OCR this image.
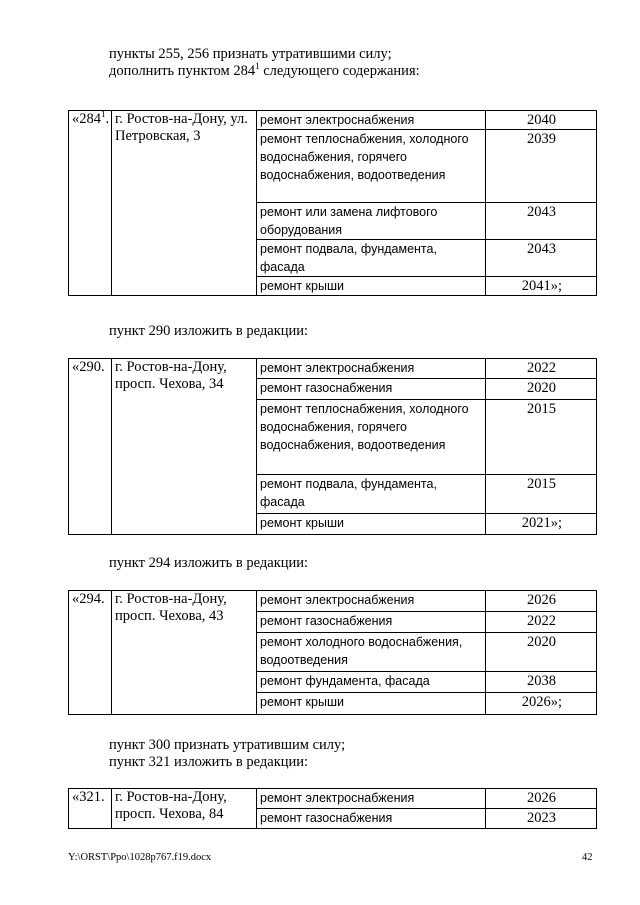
пункты 255, 256 признать утратившими силу;
дополнить пунктом $284^1$ следующего содержания:
«$284^1$.	г. Ростов-на-Дону, ул. Петровская, 3	ремонт электроснабжения	2040
		ремонт теплоснабжения, холодного водоснабжения, горячего водоснабжения, водоотведения	2039
		ремонт или замена лифтового оборудования	2043
		ремонт подвала, фундамента, фасада	2043
		ремонт крыши	2041»;
пункт 290 изложить в редакции:
«290.	г. Ростов-на-Дону, просп. Чехова, 34	ремонт электроснабжения	2022
		ремонт газоснабжения	2020
		ремонт теплоснабжения, холодного водоснабжения, горячего водоснабжения, водоотведения	2015
		ремонт подвала, фундамента, фасада	2015
		ремонт крыши	2021»;
пункт 294 изложить в редакции:
«294.	г. Ростов-на-Дону, просп. Чехова, 43	ремонт электроснабжения	2026
		ремонт газоснабжения	2022
		ремонт холодного водоснабжения, водоотведения	2020
		ремонт фундамента, фасада	2038
		ремонт крыши	2026»;
пункт 300 признать утратившим силу;
пункт 321 изложить в редакции:
«321.	г. Ростов-на-Дону, просп. Чехова, 84	ремонт электроснабжения	2026
		ремонт газоснабжения	2023
Y:\ORST\Ppo\1028p767.f19.docx	42
